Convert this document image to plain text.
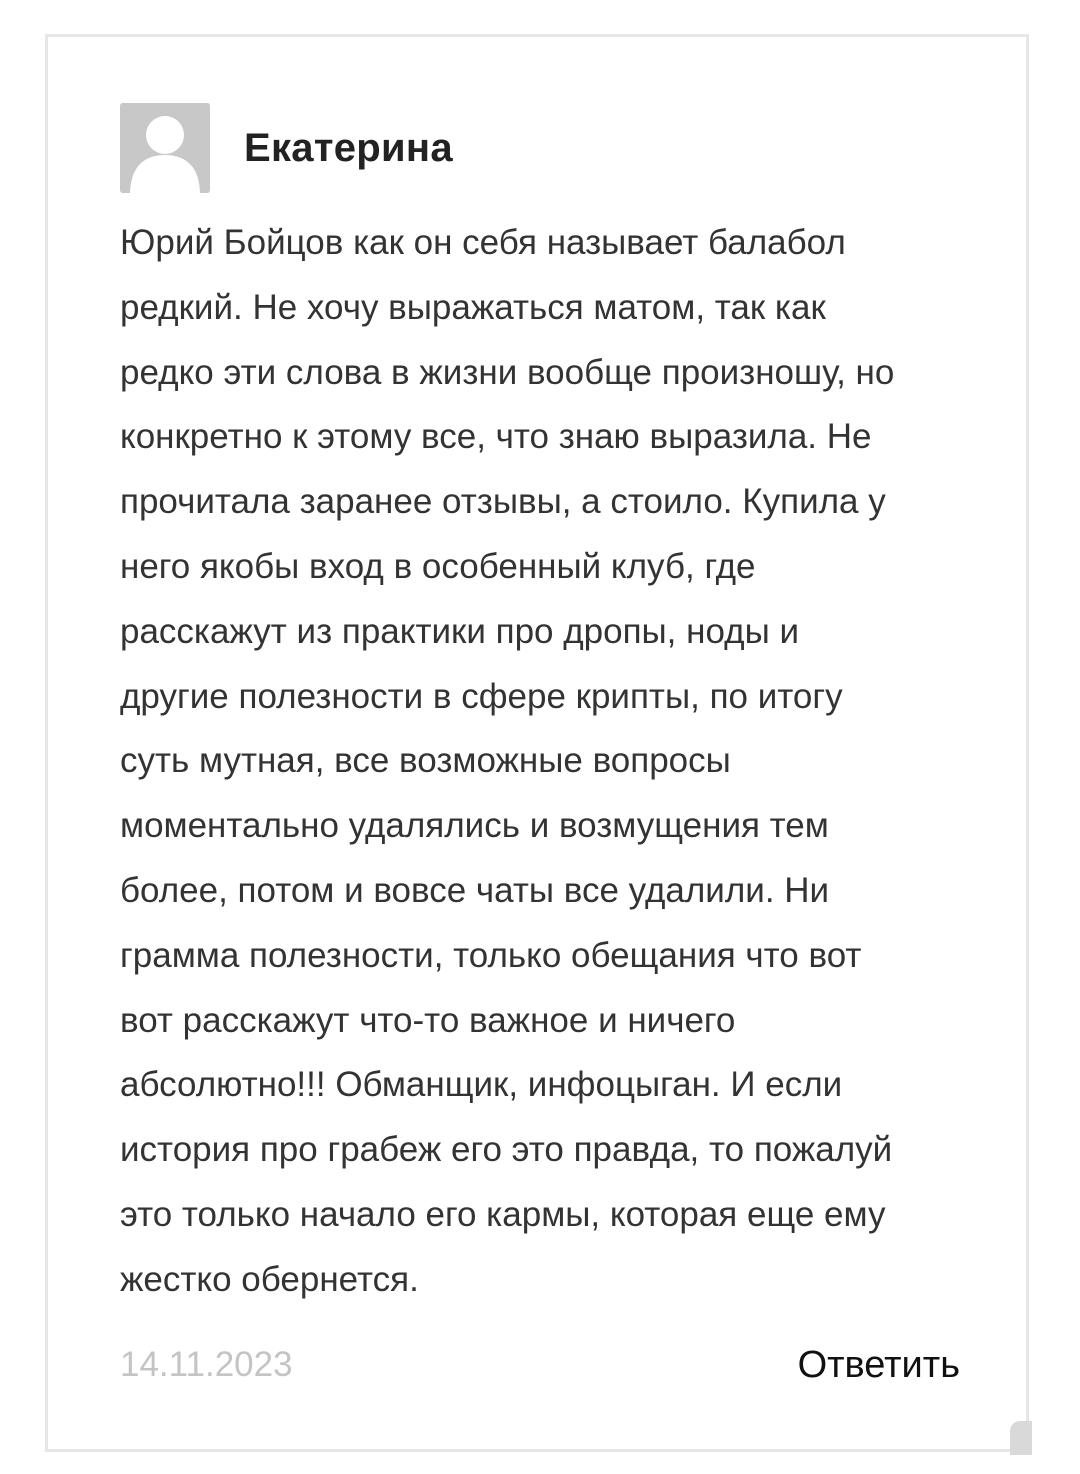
Екатерина
Юрий Бойцов как он себя называет балабол
редкий. Не хочу выражаться матом, так как
редко эти слова в жизни вообще произношу, но
конкретно к этому все, что знаю выразила. Не
прочитала заранее отзывы, а стоило. Купила у
него якобы вход в особенный клуб, где
расскажут из практики про дропы, ноды и
другие полезности в сфере крипты, по итогу
суть мутная, все возможные вопросы
моментально удалялись и возмущения тем
более, потом и вовсе чаты все удалили. Ни
грамма полезности, только обещания что вот
вот расскажут что-то важное и ничего
абсолютно!!! Обманщик, инфоцыган. И если
история про грабеж его это правда, то пожалуй
это только начало его кармы, которая еще ему
жестко обернется.
14.11.2023	Ответить
